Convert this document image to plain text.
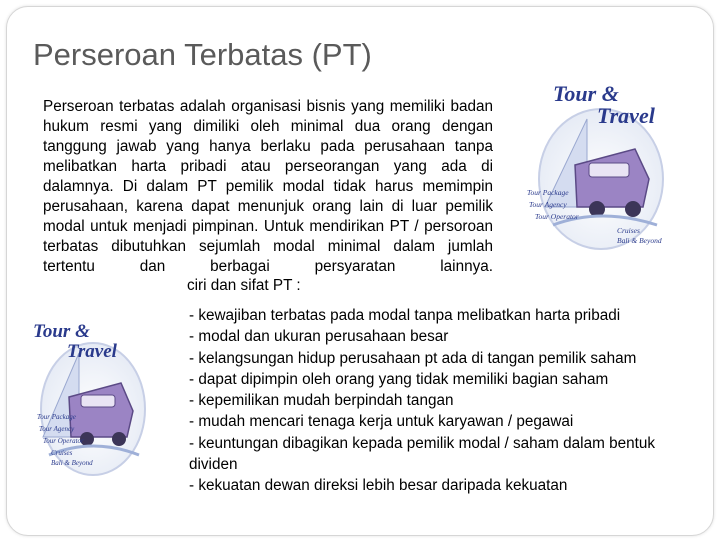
Perseroan Terbatas (PT)

Perseroan terbatas adalah organisasi bisnis yang memiliki badan hukum resmi yang dimiliki oleh minimal dua orang dengan tanggung jawab yang hanya berlaku pada perusahaan tanpa melibatkan harta pribadi atau perseorangan yang ada di dalamnya. Di dalam PT pemilik modal tidak harus memimpin perusahaan, karena dapat menunjuk orang lain di luar pemilik modal untuk menjadi pimpinan. Untuk mendirikan PT / persoroan terbatas dibutuhkan sejumlah modal minimal dalam jumlah tertentu dan berbagai persyaratan lainnya.

Tour &
Travel
Tour Package
Tour Agency
Tour Operator
Cruises
Bali & Beyond
ciri dan sifat PT :
- kewajiban terbatas pada modal tanpa melibatkan harta pribadi
- modal dan ukuran perusahaan besar
- kelangsungan hidup perusahaan pt ada di tangan pemilik saham
- dapat dipimpin oleh orang yang tidak memiliki bagian saham
- kepemilikan mudah berpindah tangan
- mudah mencari tenaga kerja untuk karyawan / pegawai
- keuntungan dibagikan kepada pemilik modal / saham dalam bentuk dividen
- kekuatan dewan direksi lebih besar daripada kekuatan
Tour &
Travel
Tour Package
Tour Agency
Tour Operator
Cruises
Bali & Beyond
